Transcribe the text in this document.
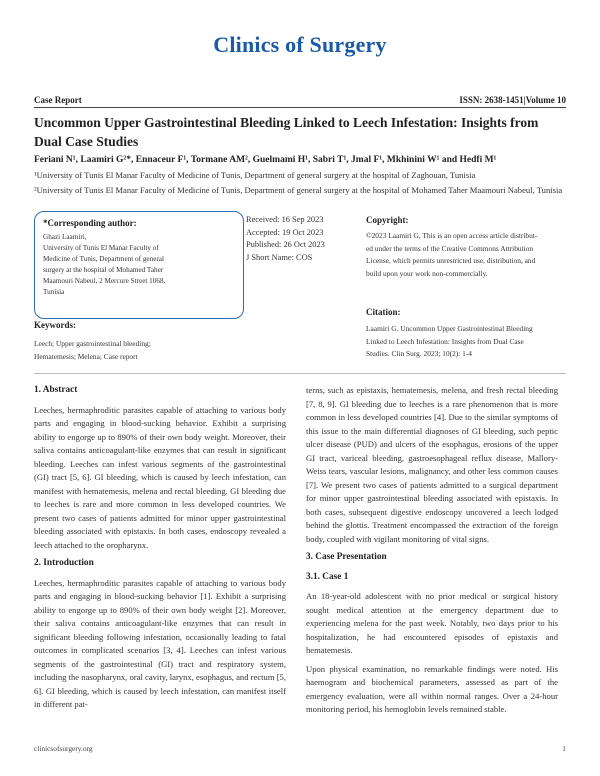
Clinics of Surgery
Case Report	ISSN: 2638-1451|Volume 10
Uncommon Upper Gastrointestinal Bleeding Linked to Leech Infestation: Insights from Dual Case Studies
Feriani N¹, Laamiri G²*, Ennaceur F¹, Tormane AM², Guelmami H¹, Sabri T¹, Jmal F¹, Mkhinini W¹ and Hedfi M¹
¹University of Tunis El Manar Faculty of Medicine of Tunis, Department of general surgery at the hospital of Zaghouan, Tunisia
²University of Tunis El Manar Faculty of Medicine of Tunis, Department of general surgery at the hospital of Mohamed Taher Maamouri Nabeul, Tunisia
*Corresponding author:

Ghazi Laamiri,

University of Tunis El Manar Faculty of

Medicine of Tunis, Department of general

surgery at the hospital of Mohamed Taher

Maamouri Nabeul, 2 Mercure Street 1068,

Tunisia

Received: 16 Sep 2023
Accepted: 19 Oct 2023
Published: 26 Oct 2023
J Short Name: COS
Copyright:
©2023 Laamiri G, This is an open access article distribut-
ed under the terms of the Creative Commons Attribution
License, which permits unrestricted use, distribution, and
build upon your work non-commercially.
Citation:
Laamiri G. Uncommon Upper Gastrointestinal Bleeding
Linked to Leech Infestation: Insights from Dual Case
Studies. Clin Surg. 2023; 10(2): 1-4
Keywords:
Leech; Upper gastrointestinal bleeding;
Hematemesis; Melena; Case report
1. Abstract

Leeches, hermaphroditic parasites capable of attaching to various body parts and engaging in blood-sucking behavior. Exhibit a surprising ability to engorge up to 890% of their own body weight. Moreover, their saliva contains anticoagulant-like enzymes that can result in significant bleeding. Leeches can infest various segments of the gastrointestinal (GI) tract [5, 6]. GI bleeding, which is caused by leech infestation, can manifest with hematemesis, melena and rectal bleeding. GI bleeding due to leeches is rare and more common in less developed countries. We present two cases of patients admitted for minor upper gastrointestinal bleeding associated with epistaxis. In both cases, endoscopy revealed a leech attached to the oropharynx.

2. Introduction

Leeches, hermaphroditic parasites capable of attaching to various body parts and engaging in blood-sucking behavior [1]. Exhibit a surprising ability to engorge up to 890% of their own body weight [2]. Moreover, their saliva contains anticoagulant-like enzymes that can result in significant bleeding following infestation, occasionally leading to fatal outcomes in complicated scenarios [3, 4]. Leeches can infest various segments of the gastrointestinal (GI) tract and respiratory system, including the nasopharynx, oral cavity, larynx, esophagus, and rectum [5, 6]. GI bleeding, which is caused by leech infestation, can manifest itself in different pat-

terns, such as epistaxis, hematemesis, melena, and fresh rectal bleeding [7, 8, 9]. GI bleeding due to leeches is a rare phenomenon that is more common in less developed countries [4]. Due to the similar symptoms of this issue to the main differential diagnoses of GI bleeding, such peptic ulcer disease (PUD) and ulcers of the esophagus, erosions of the upper GI tract, variceal bleeding, gastroesophageal reflux disease, Mallory-Weiss tears, vascular lesions, malignancy, and other less common causes [7]. We present two cases of patients admitted to a surgical department for minor upper gastrointestinal bleeding associated with epistaxis. In both cases, subsequent digestive endoscopy uncovered a leech lodged behind the glottis. Treatment encompassed the extraction of the foreign body, coupled with vigilant monitoring of vital signs.

3. Case Presentation
3.1. Case 1

An 18-year-old adolescent with no prior medical or surgical history sought medical attention at the emergency department due to experiencing melena for the past week. Notably, two days prior to his hospitalization, he had encountered episodes of epistaxis and hematemesis.

Upon physical examination, no remarkable findings were noted. His haemogram and biochemical parameters, assessed as part of the emergency evaluation, were all within normal ranges. Over a 24-hour monitoring period, his hemoglobin levels remained stable.

clinicsofsurgery.org	1
